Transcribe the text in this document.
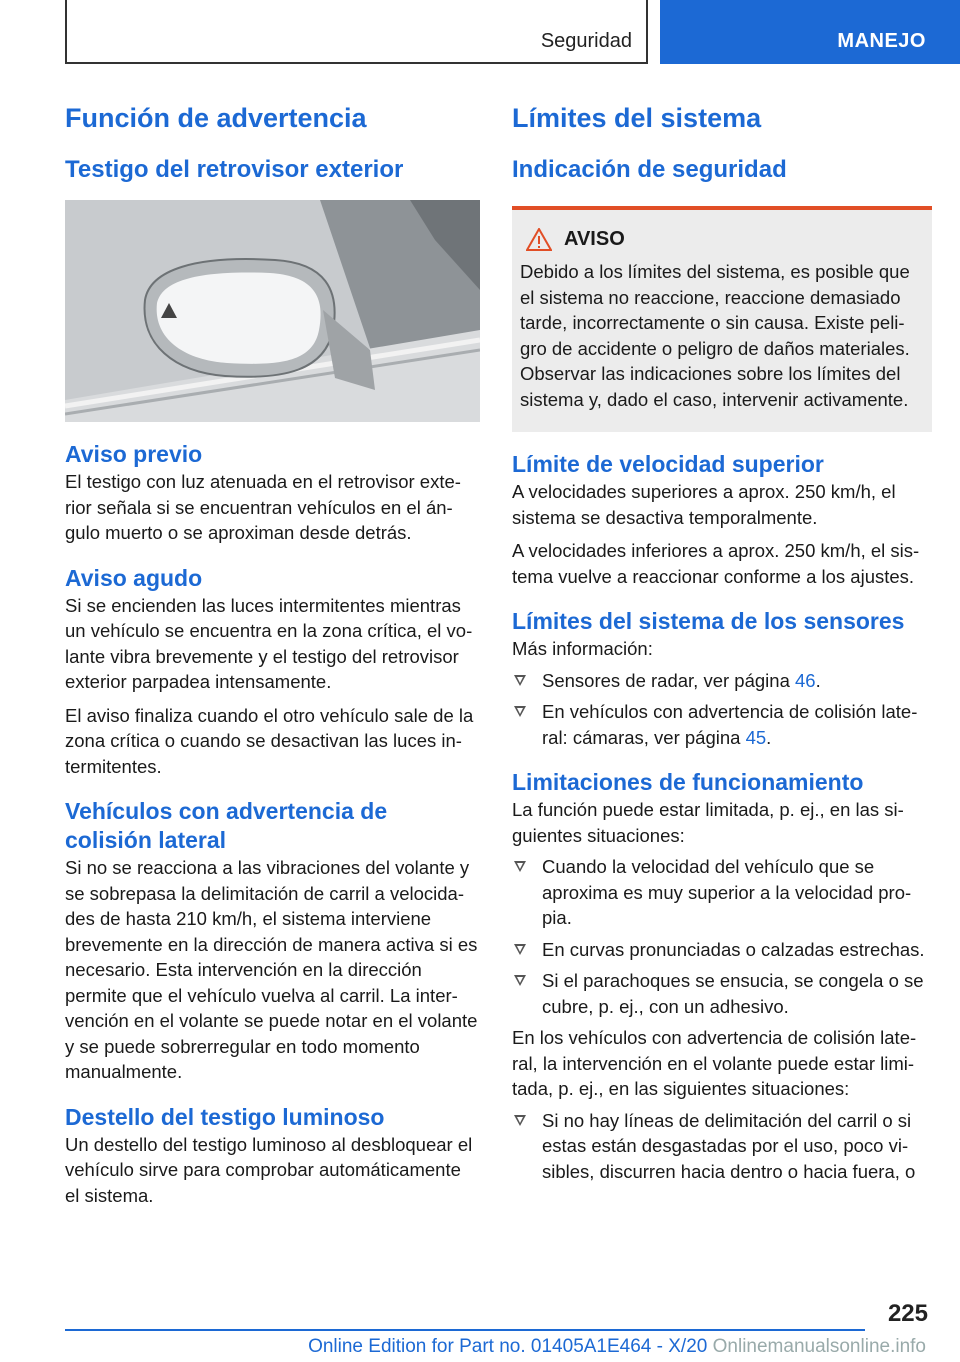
Seguridad	MANEJO
Función de advertencia
Testigo del retrovisor exterior
Aviso previo

El testigo con luz atenuada en el retrovisor exterior señala si se encuentran vehículos en el ángulo muerto o se aproximan desde detrás.

Aviso agudo

Si se encienden las luces intermitentes mientras un vehículo se encuentra en la zona crítica, el volante vibra brevemente y el testigo del retrovisor exterior parpadea intensamente.

El aviso finaliza cuando el otro vehículo sale de la zona crítica o cuando se desactivan las luces intermitentes.

Vehículos con advertencia de colisión lateral

Si no se reacciona a las vibraciones del volante y se sobrepasa la delimitación de carril a velocidades de hasta 210 km/h, el sistema interviene brevemente en la dirección de manera activa si es necesario. Esta intervención en la dirección permite que el vehículo vuelva al carril. La intervención en el volante se puede notar en el volante y se puede sobrerregular en todo momento manualmente.

Destello del testigo luminoso

Un destello del testigo luminoso al desbloquear el vehículo sirve para comprobar automáticamente el sistema.

Límites del sistema
Indicación de seguridad
AVISO

Debido a los límites del sistema, es posible que el sistema no reaccione, reaccione demasiado tarde, incorrectamente o sin causa. Existe peligro de accidente o peligro de daños materiales. Observar las indicaciones sobre los límites del sistema y, dado el caso, intervenir activamente.

Límite de velocidad superior

A velocidades superiores a aprox. 250 km/h, el sistema se desactiva temporalmente.

A velocidades inferiores a aprox. 250 km/h, el sistema vuelve a reaccionar conforme a los ajustes.

Límites del sistema de los sensores

Más información:

Sensores de radar, ver página 46.
En vehículos con advertencia de colisión lateral: cámaras, ver página 45.
Limitaciones de funcionamiento

La función puede estar limitada, p. ej., en las siguientes situaciones:

Cuando la velocidad del vehículo que se aproxima es muy superior a la velocidad propia.
En curvas pronunciadas o calzadas estrechas.
Si el parachoques se ensucia, se congela o se cubre, p. ej., con un adhesivo.

En los vehículos con advertencia de colisión lateral, la intervención en el volante puede estar limitada, p. ej., en las siguientes situaciones:

Si no hay líneas de delimitación del carril o si estas están desgastadas por el uso, poco visibles, discurren hacia dentro o hacia fuera, o
225
Online Edition for Part no. 01405A1E464 - X/20 Onlinemanualsonline.info
